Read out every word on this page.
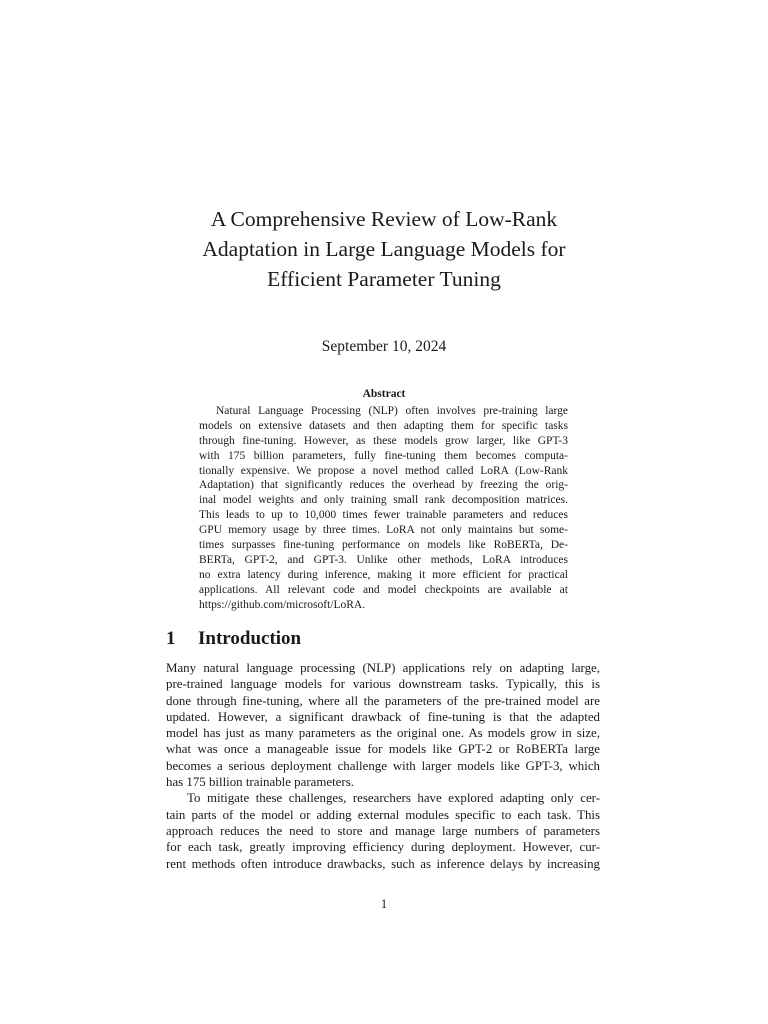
A Comprehensive Review of Low-Rank
Adaptation in Large Language Models for
Efficient Parameter Tuning
September 10, 2024
Abstract
Natural Language Processing (NLP) often involves pre-training large
models on extensive datasets and then adapting them for specific tasks
through fine-tuning. However, as these models grow larger, like GPT-3
with 175 billion parameters, fully fine-tuning them becomes computa-
tionally expensive. We propose a novel method called LoRA (Low-Rank
Adaptation) that significantly reduces the overhead by freezing the orig-
inal model weights and only training small rank decomposition matrices.
This leads to up to 10,000 times fewer trainable parameters and reduces
GPU memory usage by three times. LoRA not only maintains but some-
times surpasses fine-tuning performance on models like RoBERTa, De-
BERTa, GPT-2, and GPT-3. Unlike other methods, LoRA introduces
no extra latency during inference, making it more efficient for practical
applications. All relevant code and model checkpoints are available at
https://github.com/microsoft/LoRA.
1 Introduction
Many natural language processing (NLP) applications rely on adapting large,
pre-trained language models for various downstream tasks. Typically, this is
done through fine-tuning, where all the parameters of the pre-trained model are
updated. However, a significant drawback of fine-tuning is that the adapted
model has just as many parameters as the original one. As models grow in size,
what was once a manageable issue for models like GPT-2 or RoBERTa large
becomes a serious deployment challenge with larger models like GPT-3, which
has 175 billion trainable parameters.
To mitigate these challenges, researchers have explored adapting only cer-
tain parts of the model or adding external modules specific to each task. This
approach reduces the need to store and manage large numbers of parameters
for each task, greatly improving efficiency during deployment. However, cur-
rent methods often introduce drawbacks, such as inference delays by increasing
1
